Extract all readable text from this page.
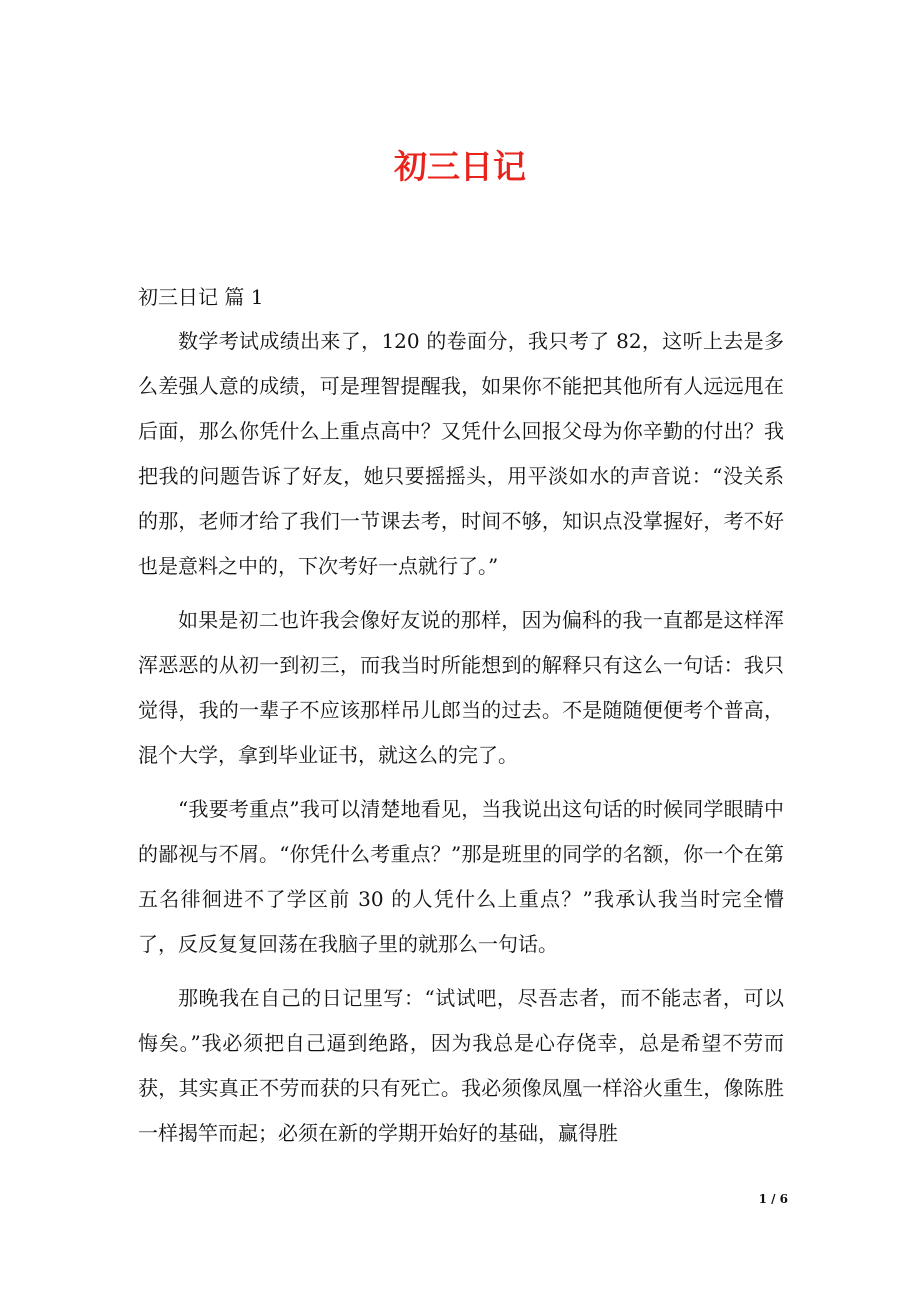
初三日记
初三日记 篇 1

数学考试成绩出来了，120 的卷面分，我只考了 82，这听上去是多么差强人意的成绩，可是理智提醒我，如果你不能把其他所有人远远甩在后面，那么你凭什么上重点高中？又凭什么回报父母为你辛勤的付出？我把我的问题告诉了好友，她只要摇摇头，用平淡如水的声音说：“没关系的那，老师才给了我们一节课去考，时间不够，知识点没掌握好，考不好也是意料之中的，下次考好一点就行了。”

如果是初二也许我会像好友说的那样，因为偏科的我一直都是这样浑浑恶恶的从初一到初三，而我当时所能想到的解释只有这么一句话：我只觉得，我的一辈子不应该那样吊儿郎当的过去。不是随随便便考个普高，混个大学，拿到毕业证书，就这么的完了。

“我要考重点”我可以清楚地看见，当我说出这句话的时候同学眼睛中的鄙视与不屑。“你凭什么考重点？”那是班里的同学的名额，你一个在第五名徘徊进不了学区前 30 的人凭什么上重点？”我承认我当时完全懵了，反反复复回荡在我脑子里的就那么一句话。

那晚我在自己的日记里写：“试试吧，尽吾志者，而不能志者，可以悔矣。”我必须把自己逼到绝路，因为我总是心存侥幸，总是希望不劳而获，其实真正不劳而获的只有死亡。我必须像凤凰一样浴火重生，像陈胜一样揭竿而起；必须在新的学期开始好的基础，赢得胜

1 / 6
